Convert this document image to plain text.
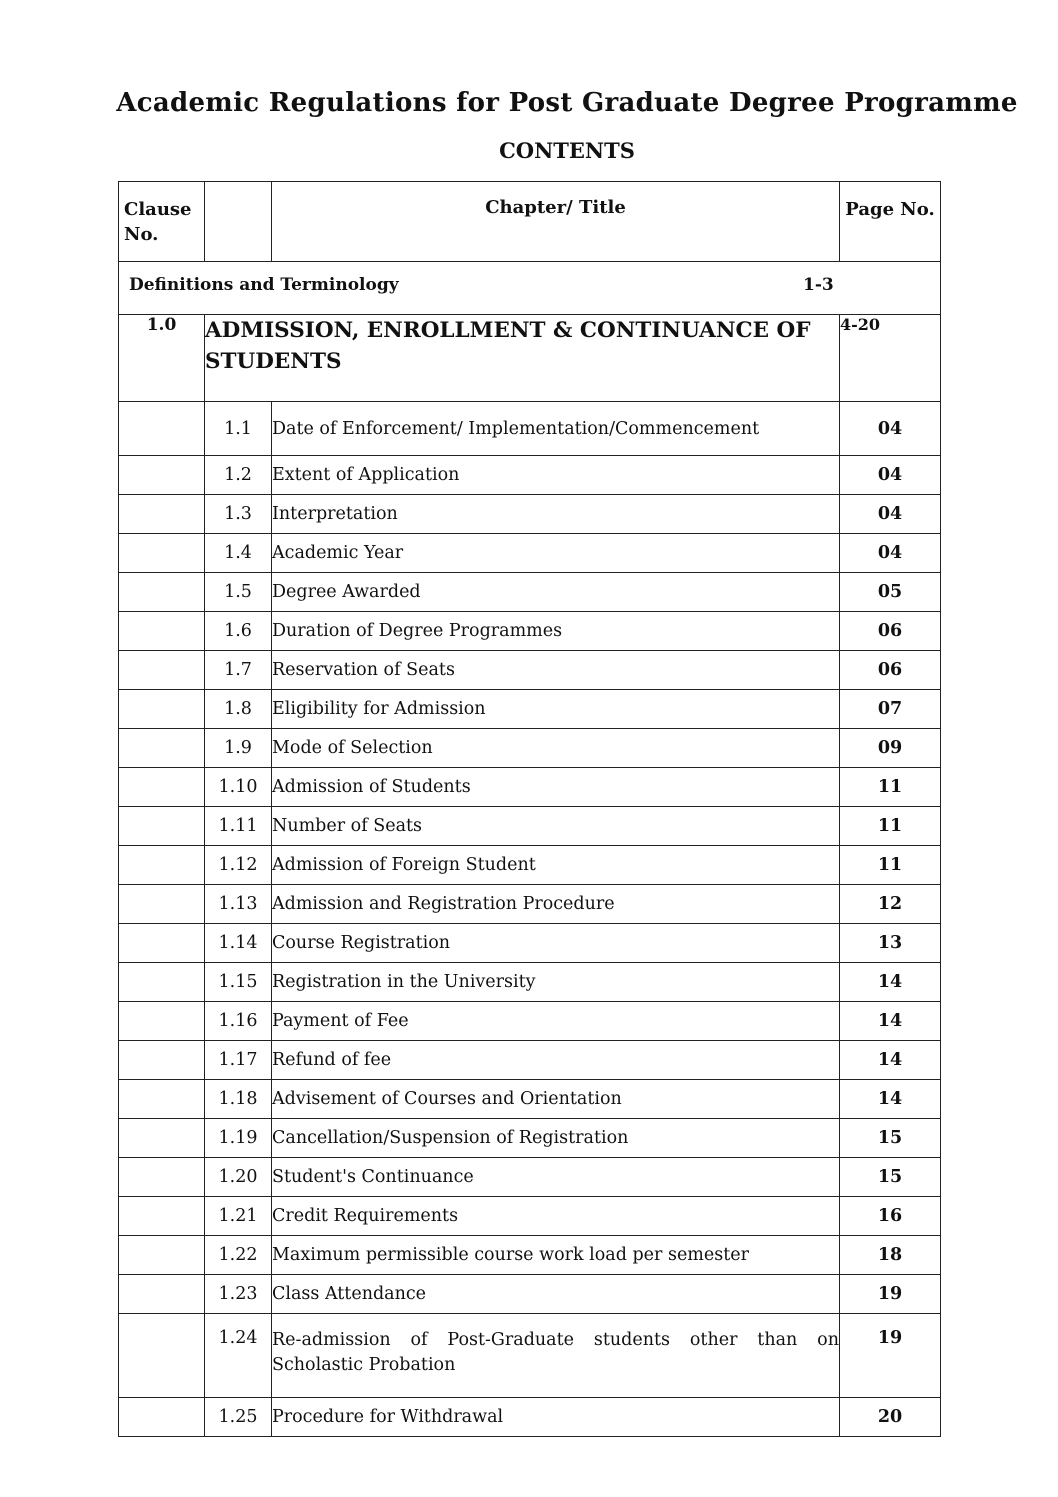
Academic Regulations for Post Graduate Degree Programme
CONTENTS
Clause No.		Chapter/ Title	Page No.

Definitions and Terminology 1-3			

1.0	ADMISSION, ENROLLMENT & CONTINUANCE OF STUDENTS		4-20
	1.1	Date of Enforcement/ Implementation/Commencement	04
	1.2	Extent of Application	04
	1.3	Interpretation	04
	1.4	Academic Year	04
	1.5	Degree Awarded	05
	1.6	Duration of Degree Programmes	06
	1.7	Reservation of Seats	06
	1.8	Eligibility for Admission	07
	1.9	Mode of Selection	09
	1.10	Admission of Students	11
	1.11	Number of Seats	11
	1.12	Admission of Foreign Student	11
	1.13	Admission and Registration Procedure	12
	1.14	Course Registration	13
	1.15	Registration in the University	14
	1.16	Payment of Fee	14
	1.17	Refund of fee	14
	1.18	Advisement of Courses and Orientation	14
	1.19	Cancellation/Suspension of Registration	15
	1.20	Student's Continuance	15
	1.21	Credit Requirements	16
	1.22	Maximum permissible course work load per semester	18
	1.23	Class Attendance	19
	1.24	Re-admission of Post-Graduate students other than on Scholastic Probation	19
	1.25	Procedure for Withdrawal	20
